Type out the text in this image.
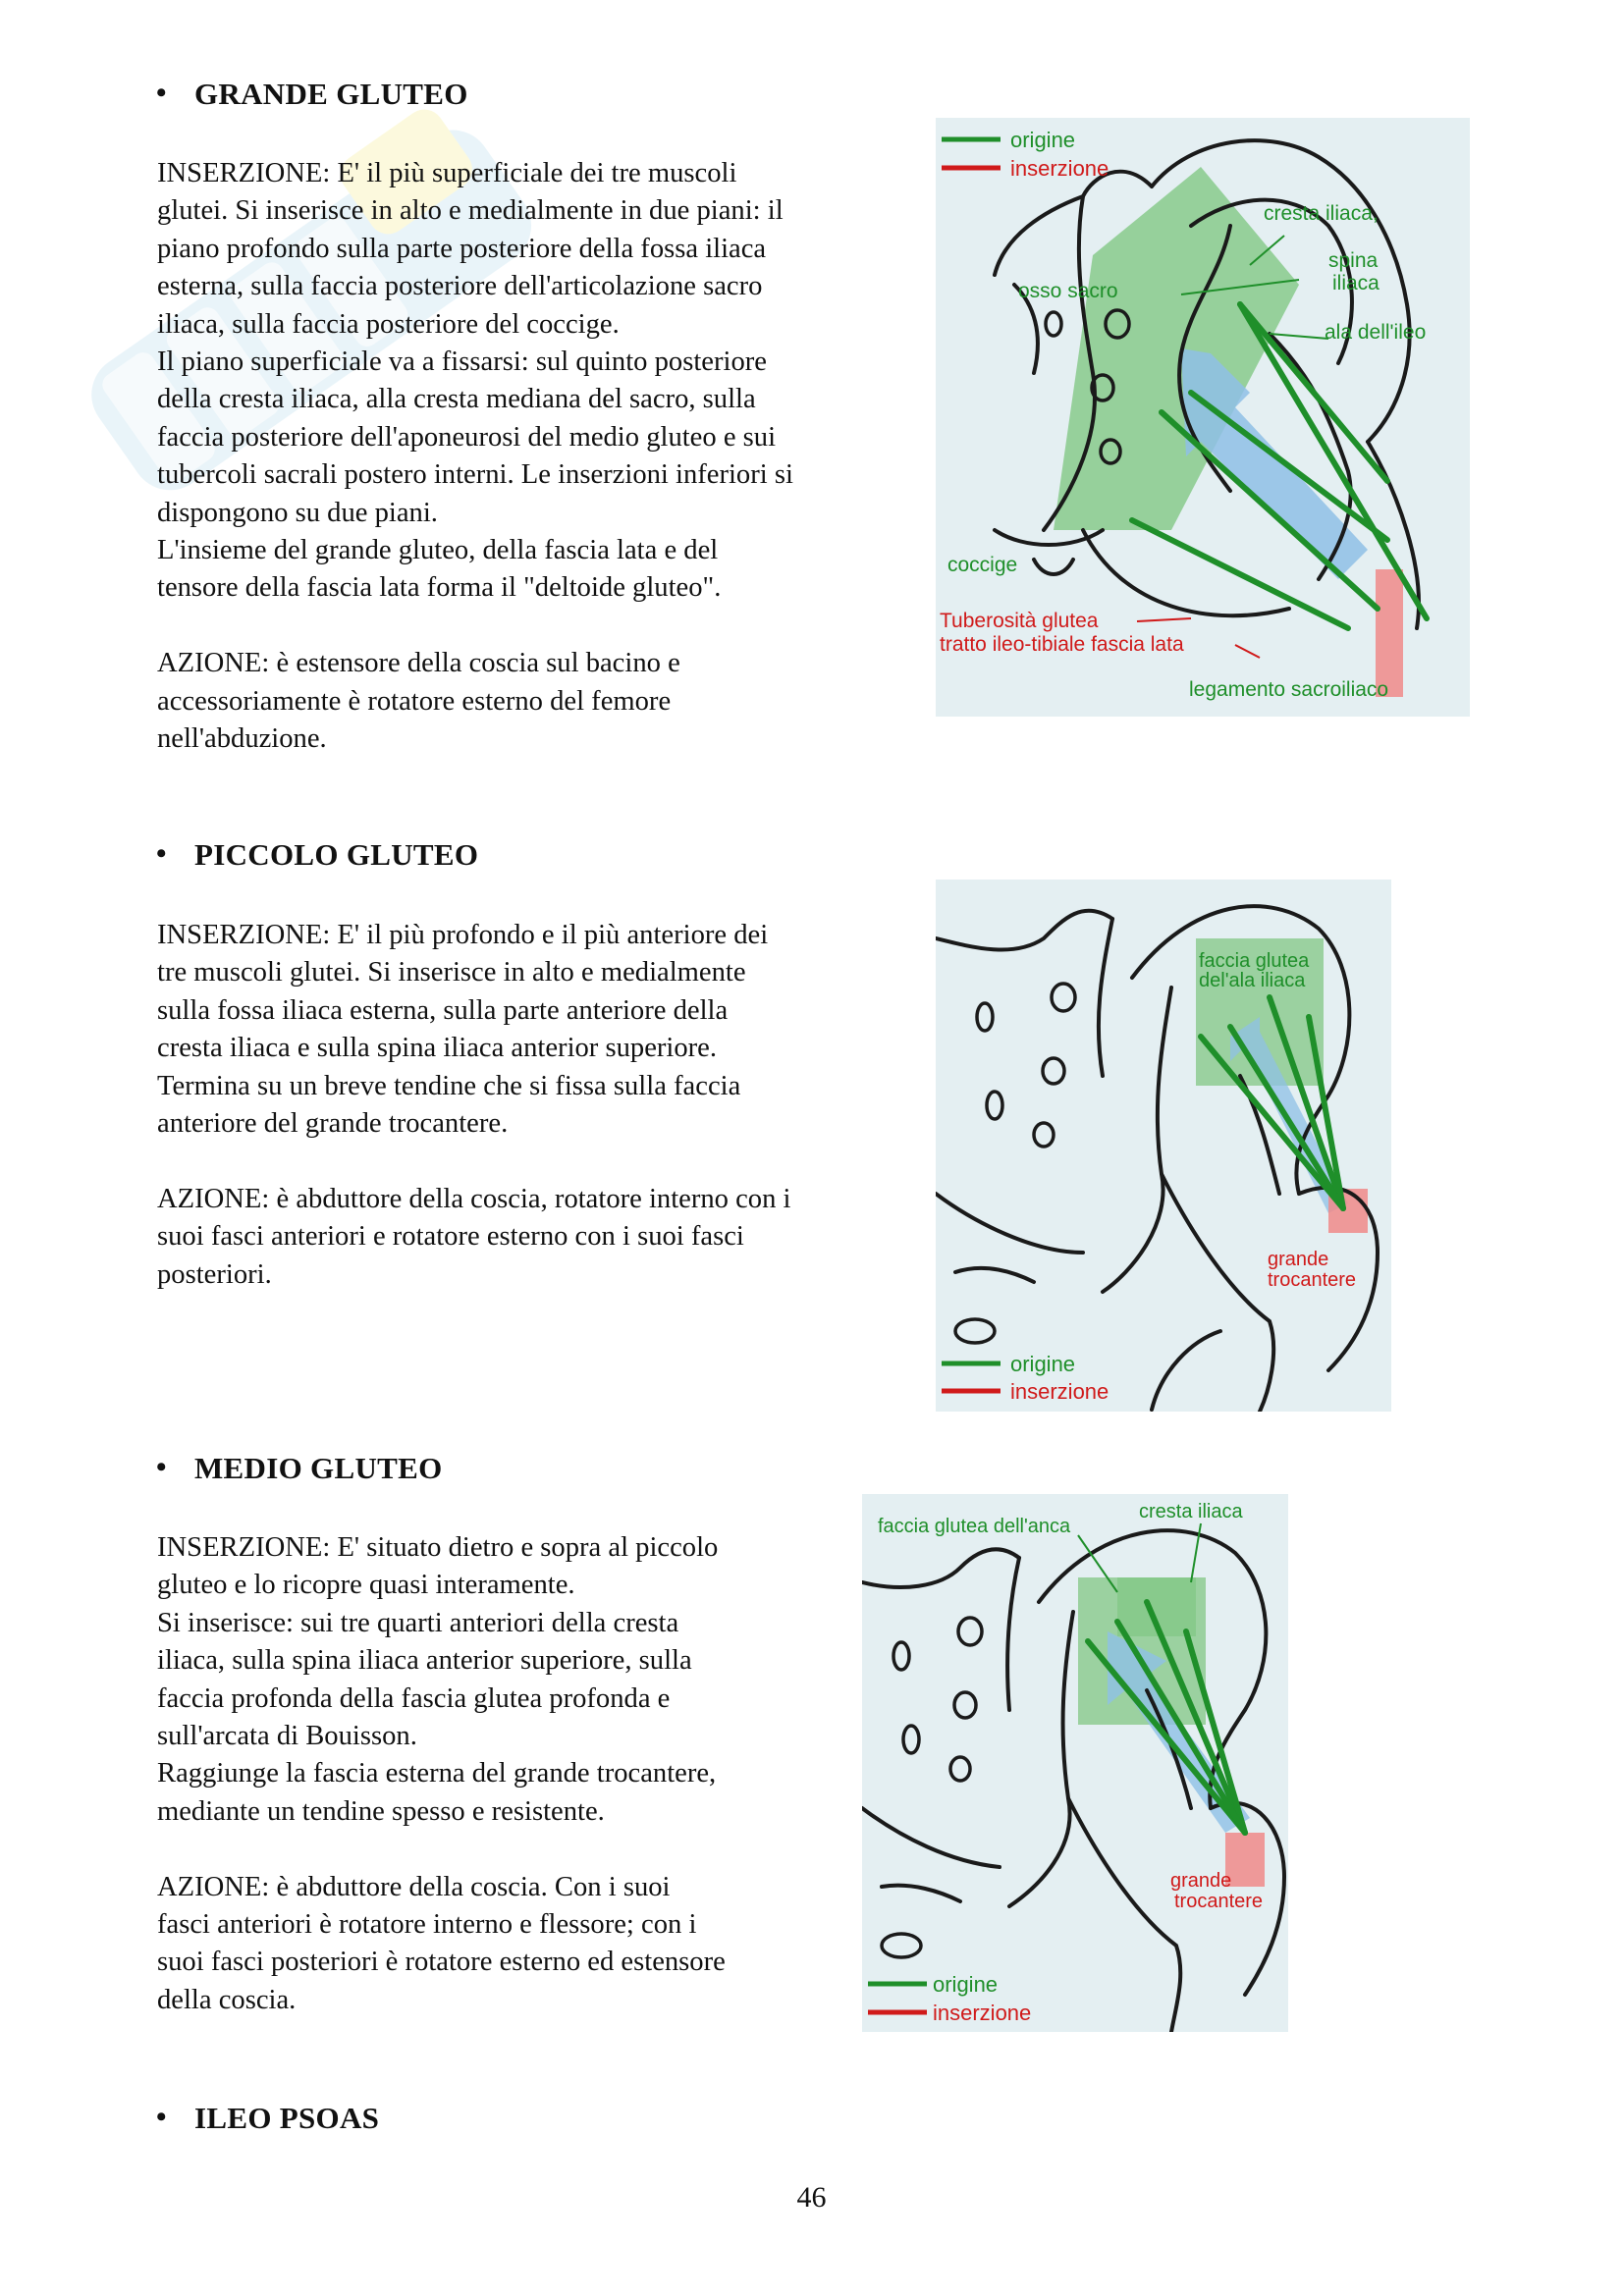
• GRANDE GLUTEO
INSERZIONE: E' il più superficiale dei tre muscoli
glutei. Si inserisce in alto e medialmente in due piani: il
piano profondo sulla parte posteriore della fossa iliaca
esterna, sulla faccia posteriore dell'articolazione sacro
iliaca, sulla faccia posteriore del coccige.
Il piano superficiale va a fissarsi: sul quinto posteriore
della cresta iliaca, alla cresta mediana del sacro, sulla
faccia posteriore dell'aponeurosi del medio gluteo e sui
tubercoli sacrali postero interni. Le inserzioni inferiori si
dispongono su due piani.
L'insieme del grande gluteo, della fascia lata e del
tensore della fascia lata forma il "deltoide gluteo".
AZIONE: è estensore della coscia sul bacino e
accessoriamente è rotatore esterno del femore
nell'abduzione.
origine
inserzione
cresta iliaca,
spina
iliaca
osso sacro
ala dell'ileo
coccige
Tuberosità glutea
tratto ileo-tibiale fascia lata
legamento sacroiliaco
• PICCOLO GLUTEO
INSERZIONE: E' il più profondo e il più anteriore dei
tre muscoli glutei. Si inserisce in alto e medialmente
sulla fossa iliaca esterna, sulla parte anteriore della
cresta iliaca e sulla spina iliaca anterior superiore.
Termina su un breve tendine che si fissa sulla faccia
anteriore del grande trocantere.
AZIONE: è abduttore della coscia, rotatore interno con i
suoi fasci anteriori e rotatore esterno con i suoi fasci
posteriori.
origine
inserzione
faccia glutea
del'ala iliaca
grande
trocantere
• MEDIO GLUTEO
INSERZIONE: E' situato dietro e sopra al piccolo
gluteo e lo ricopre quasi interamente.
Si inserisce: sui tre quarti anteriori della cresta
iliaca, sulla spina iliaca anterior superiore, sulla
faccia profonda della fascia glutea profonda e
sull'arcata di Bouisson.
Raggiunge la fascia esterna del grande trocantere,
mediante un tendine spesso e resistente.
AZIONE: è abduttore della coscia. Con i suoi
fasci anteriori è rotatore interno e flessore; con i
suoi fasci posteriori è rotatore esterno ed estensore
della coscia.
origine
inserzione
faccia glutea dell'anca
cresta iliaca
grande
trocantere
• ILEO PSOAS
46
